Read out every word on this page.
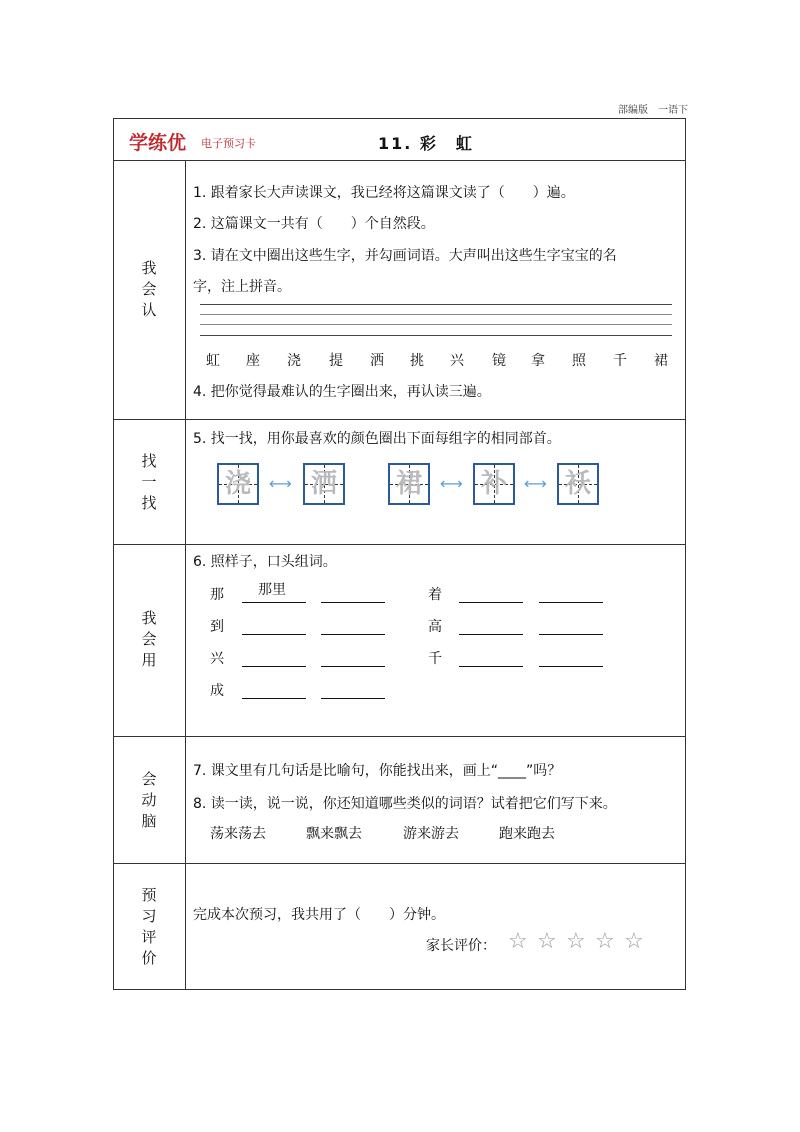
部编版　一语下
学练优 电子预习卡	11. 彩　虹
我
会
认
1. 跟着家长大声读课文，我已经将这篇课文读了（　　）遍。
2. 这篇课文一共有（　　）个自然段。
3. 请在文中圈出这些生字，并勾画词语。大声叫出这些生字宝宝的名
字，注上拼音。
虹 座 浇 提 洒 挑 兴 镜 拿 照 千 裙
4. 把你觉得最难认的生字圈出来，再认读三遍。
找
一
找
5. 找一找，用你最喜欢的颜色圈出下面每组字的相同部首。
浇	⟷ 洒 裙	⟷ 补	⟷ 袄
我
会
用
6. 照样子，口头组词。
那 那里	着
到	高
兴	千
成
会
动
脑
7. 课文里有几句话是比喻句，你能找出来，画上“____”吗？
8. 读一读，说一说，你还知道哪些类似的词语？试着把它们写下来。
荡来荡去	飘来飘去	游来游去	跑来跑去
预
习
评
价
完成本次预习，我共用了（　　）分钟。
家长评价： ☆ ☆ ☆ ☆ ☆
